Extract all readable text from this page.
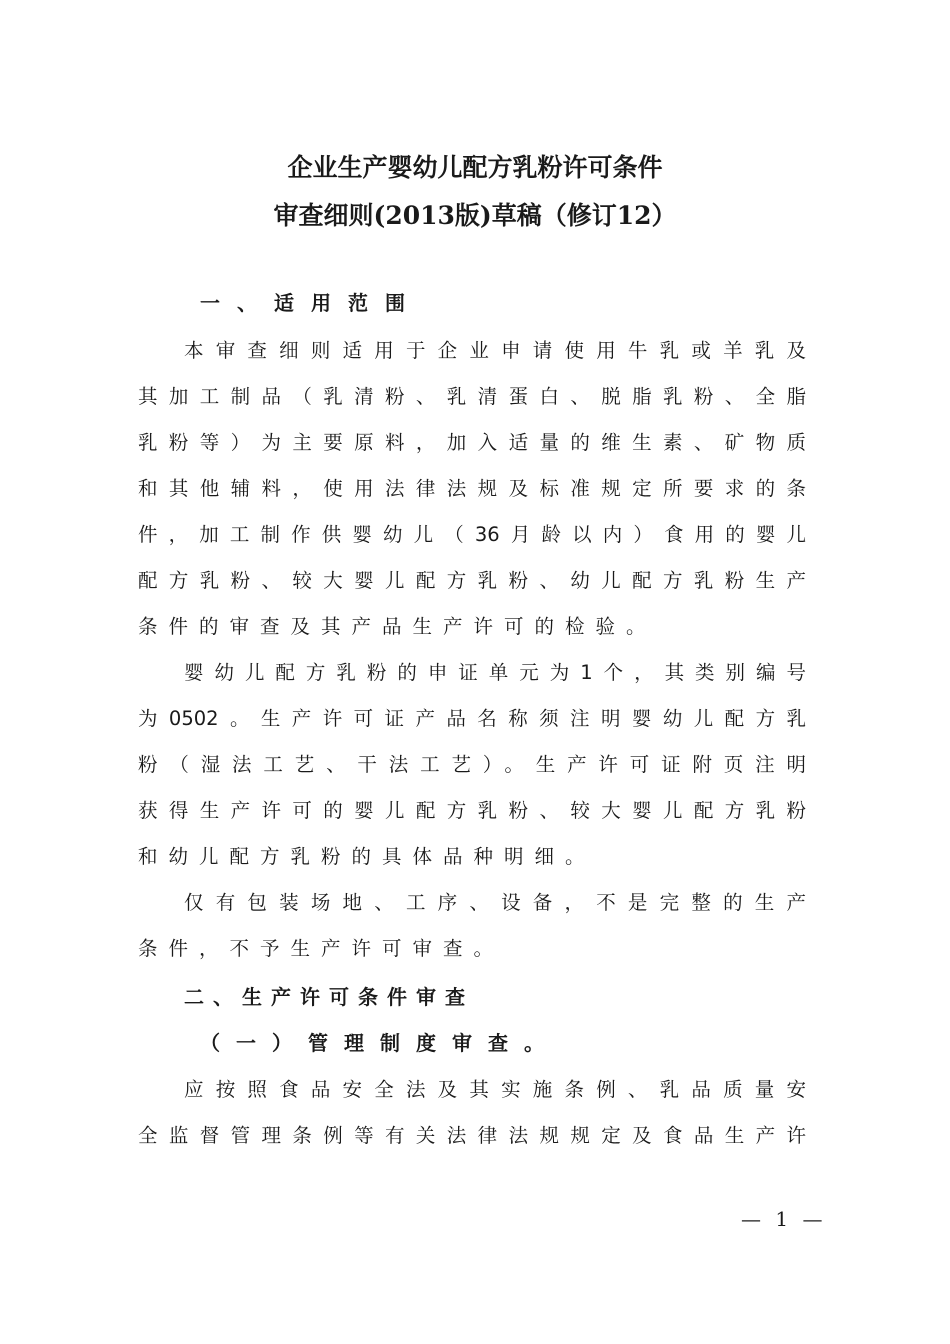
企业生产婴幼儿配方乳粉许可条件
审查细则(2013版)草稿（修订12）
一、适用范围
本审查细则适用于企业申请使用牛乳或羊乳及
其加工制品（乳清粉、乳清蛋白、脱脂乳粉、全脂
乳粉等）为主要原料，加入适量的维生素、矿物质
和其他辅料，使用法律法规及标准规定所要求的条
件，加工制作供婴幼儿（36月龄以内）食用的婴儿
配方乳粉、较大婴儿配方乳粉、幼儿配方乳粉生产
条件的审查及其产品生产许可的检验。
婴幼儿配方乳粉的申证单元为1个，其类别编号
为0502。生产许可证产品名称须注明婴幼儿配方乳
粉（湿法工艺、干法工艺）。生产许可证附页注明
获得生产许可的婴儿配方乳粉、较大婴儿配方乳粉
和幼儿配方乳粉的具体品种明细。
仅有包装场地、工序、设备，不是完整的生产
条件，不予生产许可审查。
二、生产许可条件审查
（一）管理制度审查。
应按照食品安全法及其实施条例、乳品质量安
全监督管理条例等有关法律法规规定及食品生产许
— 1 —
